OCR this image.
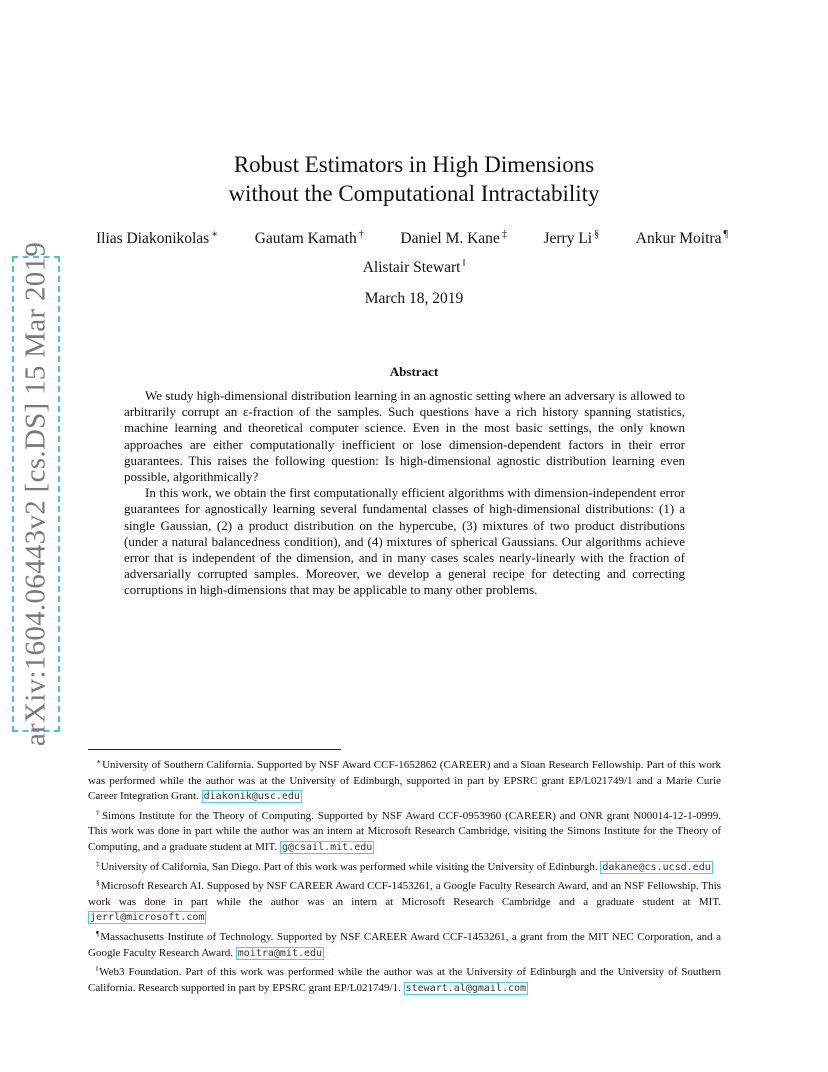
arXiv:1604.06443v2 [cs.DS] 15 Mar 2019
Robust Estimators in High Dimensions
without the Computational Intractability
Ilias Diakonikolas ∗ Gautam Kamath † Daniel M. Kane ‡ Jerry Li § Ankur Moitra ¶
Alistair Stewart ‖
March 18, 2019
Abstract

We study high-dimensional distribution learning in an agnostic setting where an adversary is allowed to arbitrarily corrupt an ε-fraction of the samples. Such questions have a rich history spanning statistics, machine learning and theoretical computer science. Even in the most basic settings, the only known approaches are either computationally inefficient or lose dimension-dependent factors in their error guarantees. This raises the following question: Is high-dimensional agnostic distribution learning even possible, algorithmically?

In this work, we obtain the first computationally efficient algorithms with dimension-independent error guarantees for agnostically learning several fundamental classes of high-dimensional distributions: (1) a single Gaussian, (2) a product distribution on the hypercube, (3) mixtures of two product distributions (under a natural balancedness condition), and (4) mixtures of spherical Gaussians. Our algorithms achieve error that is independent of the dimension, and in many cases scales nearly-linearly with the fraction of adversarially corrupted samples. Moreover, we develop a general recipe for detecting and correcting corruptions in high-dimensions that may be applicable to many other problems.

∗University of Southern California. Supported by NSF Award CCF-1652862 (CAREER) and a Sloan Research Fellowship. Part of this work was performed while the author was at the University of Edinburgh, supported in part by EPSRC grant EP/L021749/1 and a Marie Curie Career Integration Grant. diakonik@usc.edu

†Simons Institute for the Theory of Computing. Supported by NSF Award CCF-0953960 (CAREER) and ONR grant N00014-12-1-0999. This work was done in part while the author was an intern at Microsoft Research Cambridge, visiting the Simons Institute for the Theory of Computing, and a graduate student at MIT. g@csail.mit.edu

‡University of California, San Diego. Part of this work was performed while visiting the University of Edinburgh. dakane@cs.ucsd.edu

§Microsoft Research AI. Supposed by NSF CAREER Award CCF-1453261, a Google Faculty Research Award, and an NSF Fellowship. This work was done in part while the author was an intern at Microsoft Research Cambridge and a graduate student at MIT. jerrl@microsoft.com

¶Massachusetts Institute of Technology. Supported by NSF CAREER Award CCF-1453261, a grant from the MIT NEC Corporation, and a Google Faculty Research Award. moitra@mit.edu

‖Web3 Foundation. Part of this work was performed while the author was at the University of Edinburgh and the University of Southern California. Research supported in part by EPSRC grant EP/L021749/1. stewart.al@gmail.com
